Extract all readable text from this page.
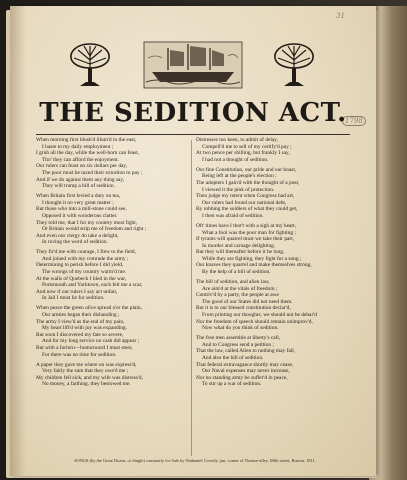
31
1798
THE SEDITION ACT.
When morning first blush'd illum'd in the east,
I haste to my daily employment ;
I grub all the day, while the well-born can feast,
Tho' they can afford the enjoyment.
Our rulers can feast on six dollars per day,
The poor must be taxed their extortion to pay ;
And if we do against them any thing say,
They will trump a bill of sedition.
When Britain first levied a duty on tea,
I thought it no very great matter ;
But those who into a mill-stone could see,
Opposed it with wonderous clatter.
They told me, that I for my country must fight,
Or Britain would strip me of freedom and right ;
And even our clergy do take a delight,
In roving the word of sedition.
They fir'd me with courage, I flew to the field,
And joined with my comrade the army ;
Determining to perish before I did yield,
The wrongs of my country warm'd me.
At the walls of Quebeck I bled in the war,
Portsmouth and Yorktown, each felt me a scar,
And now if our rulers I say act unfair,
In Jail I must lie for sedition.
When peace the green olive spread o'er the plain,
Our armies began their disbanding ;
The army I view'd as the end of my pain,
My heart lift'd with joy was expanding.
But soon I discovered my fate so severe,
And for my long service no cash did appear ;
But with a forlorn—humorward I must steer,
For there was no time for sedition.
A paper they gave me where on was express'd,
Very fairly the sum that they owe'd me ;
My children fell sick, and my wife was distress'd,
No money, a farthing, they bestowed me.
Distresses too keen, to admit of delay,
Compell'd me to sell of my certify'd pay ;
At two pence per shilling, but frankly I say,
I had not a thought of sedition.
Our fine Constitution, our pride and our boast,
Being left at the people's election ;
The adopters I gain'd with the thought of a post,
I viewed it the pink of protection.
Then judge my intent when Congress had art,
Our rulers had found our national debt,
By robbing the soldiers of what they could get,
I then was afraid of sedition.
Oft' times have I thot't with a sigh at my heart,
What a fool was the poor man for fighting ;
If tyrants will quarrel must we take their part,
In murder and carnage delighting.
But they will thereafter before it be long,
While they are fighting, they fight for a song ;
Our knaves they quarrel and make themselves strong,
By the help of a bill of sedition.
The bill of sedition, and alien law,
Are aim'd at the vitals of freedom ;
Contriv'd by a party, the people at awe
The good of our States did not need them.
But it is to our blessed constitution declar'd,
From printing our thoughts, we should not be debar'd
Nor the freedom of speech should remain unimprov'd,
Now what do you think of sedition.
The free men assemble at liberty's call,
And to Congress send a petition ;
That the law, called Alien to nothing may fall,
And also the bill of sedition.
That federal extravagance shortly may cease,
Our Naval expenses may never increase,
Nor no standing army be suffer'd in peace,
To stir up a war of sedition.
SONGS (by the Great Dozen, or Single) constantly for Sale by Nathaniel Coverly, jun. corner of Theatre-alley, Milk-street, Boston, 1811.
